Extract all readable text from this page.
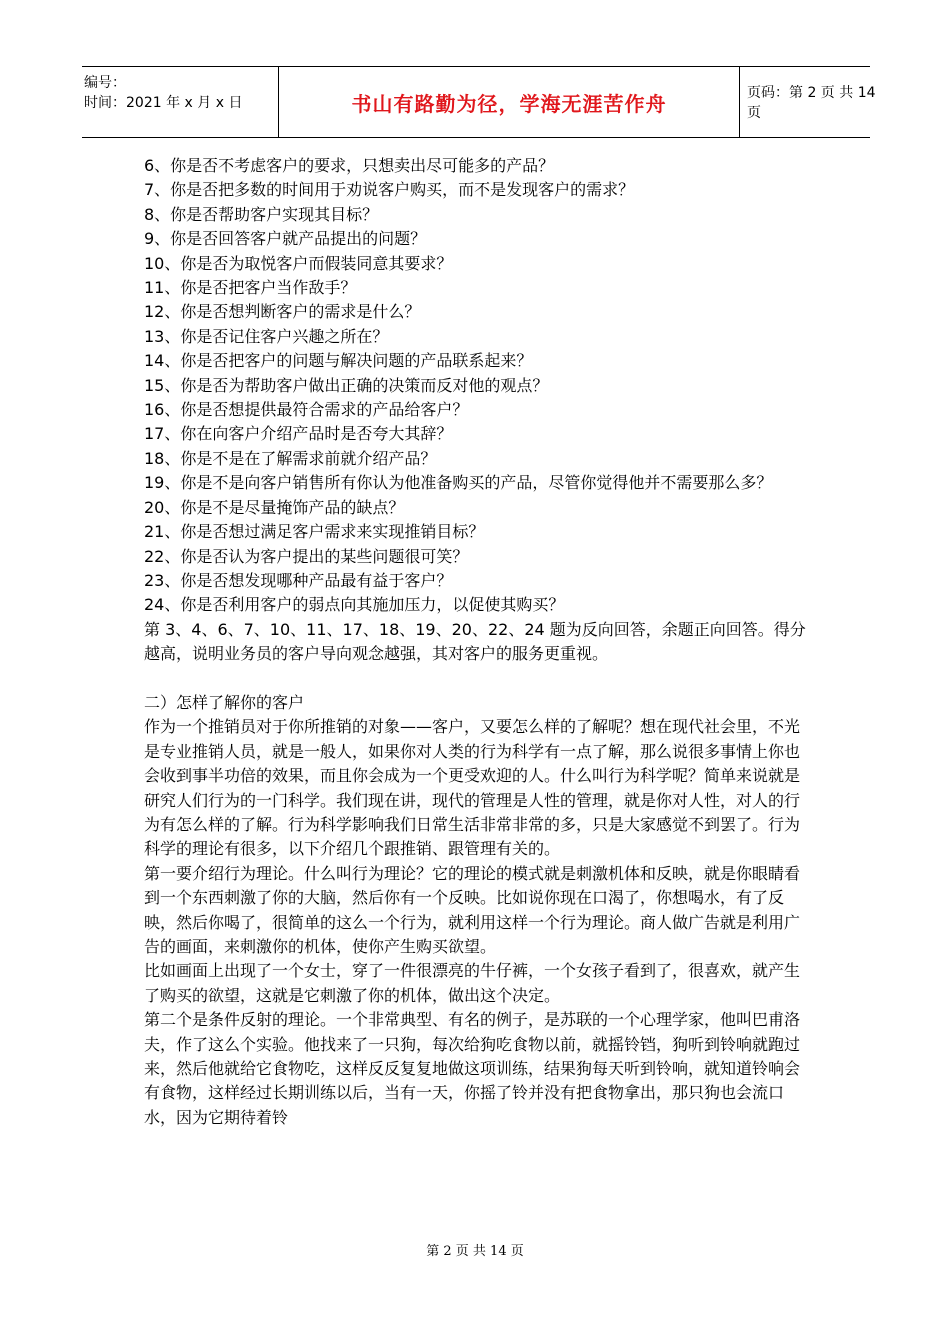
编号：
时间：2021 年 x 月 x 日	书山有路勤为径，学海无涯苦作舟	页码：第 2 页 共 14 页

6、你是否不考虑客户的要求，只想卖出尽可能多的产品？

7、你是否把多数的时间用于劝说客户购买，而不是发现客户的需求？

8、你是否帮助客户实现其目标？

9、你是否回答客户就产品提出的问题？

10、你是否为取悦客户而假装同意其要求？

11、你是否把客户当作敌手？

12、你是否想判断客户的需求是什么？

13、你是否记住客户兴趣之所在？

14、你是否把客户的问题与解决问题的产品联系起来？

15、你是否为帮助客户做出正确的决策而反对他的观点？

16、你是否想提供最符合需求的产品给客户？

17、你在向客户介绍产品时是否夸大其辞？

18、你是不是在了解需求前就介绍产品？

19、你是不是向客户销售所有你认为他准备购买的产品，尽管你觉得他并不需要那么多？

20、你是不是尽量掩饰产品的缺点？

21、你是否想过满足客户需求来实现推销目标？

22、你是否认为客户提出的某些问题很可笑？

23、你是否想发现哪种产品最有益于客户？

24、你是否利用客户的弱点向其施加压力，以促使其购买？

第 3、4、6、7、10、11、17、18、19、20、22、24 题为反向回答，余题正向回答。得分越高，说明业务员的客户导向观念越强，其对客户的服务更重视。

二）怎样了解你的客户

作为一个推销员对于你所推销的对象——客户，又要怎么样的了解呢？想在现代社会里，不光是专业推销人员，就是一般人，如果你对人类的行为科学有一点了解，那么说很多事情上你也会收到事半功倍的效果，而且你会成为一个更受欢迎的人。什么叫行为科学呢？简单来说就是研究人们行为的一门科学。我们现在讲，现代的管理是人性的管理，就是你对人性，对人的行为有怎么样的了解。行为科学影响我们日常生活非常非常的多，只是大家感觉不到罢了。行为科学的理论有很多，以下介绍几个跟推销、跟管理有关的。

第一要介绍行为理论。什么叫行为理论？它的理论的模式就是刺激机体和反映，就是你眼睛看到一个东西刺激了你的大脑，然后你有一个反映。比如说你现在口渴了，你想喝水，有了反映，然后你喝了，很简单的这么一个行为，就利用这样一个行为理论。商人做广告就是利用广告的画面，来刺激你的机体，使你产生购买欲望。

比如画面上出现了一个女士，穿了一件很漂亮的牛仔裤，一个女孩子看到了，很喜欢，就产生了购买的欲望，这就是它刺激了你的机体，做出这个决定。

第二个是条件反射的理论。一个非常典型、有名的例子，是苏联的一个心理学家，他叫巴甫洛夫，作了这么个实验。他找来了一只狗，每次给狗吃食物以前，就摇铃铛，狗听到铃响就跑过来，然后他就给它食物吃，这样反反复复地做这项训练，结果狗每天听到铃响，就知道铃响会有食物，这样经过长期训练以后，当有一天，你摇了铃并没有把食物拿出，那只狗也会流口水，因为它期待着铃

第 2 页 共 14 页
